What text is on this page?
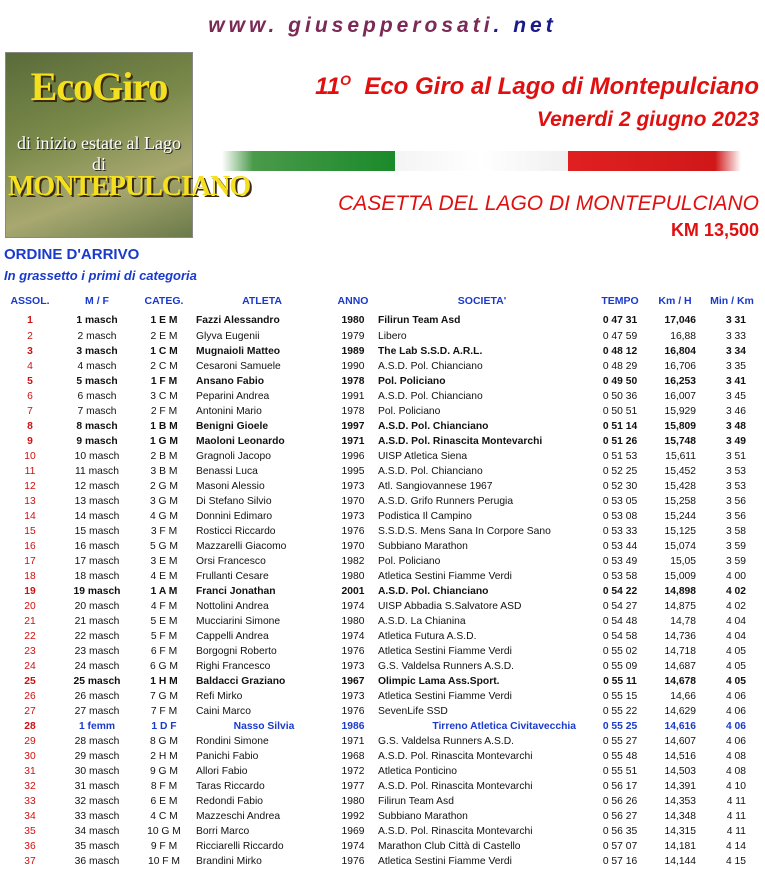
www. giusepperosati. net
EcoGiro
di inizio estate al Lago di
MONTEPULCIANO
$11^O$ Eco Giro al Lago di Montepulciano
Venerdi 2 giugno 2023
CASETTA DEL LAGO DI MONTEPULCIANO
KM 13,500
ORDINE D'ARRIVO
In grassetto i primi di categoria
ASSOL.	M / F	CATEG.	ATLETA	ANNO	SOCIETA'	TEMPO	Km / H	Min / Km
1	1 masch	1 E M	Fazzi Alessandro	1980	Filirun Team Asd	0 47 31	17,046	3 31
2	2 masch	2 E M	Glyva Eugenii	1979	Libero	0 47 59	16,88	3 33
3	3 masch	1 C M	Mugnaioli Matteo	1989	The Lab S.S.D. A.R.L.	0 48 12	16,804	3 34
4	4 masch	2 C M	Cesaroni Samuele	1990	A.S.D. Pol. Chianciano	0 48 29	16,706	3 35
5	5 masch	1 F M	Ansano Fabio	1978	Pol. Policiano	0 49 50	16,253	3 41
6	6 masch	3 C M	Peparini Andrea	1991	A.S.D. Pol. Chianciano	0 50 36	16,007	3 45
7	7 masch	2 F M	Antonini Mario	1978	Pol. Policiano	0 50 51	15,929	3 46
8	8 masch	1 B M	Benigni Gioele	1997	A.S.D. Pol. Chianciano	0 51 14	15,809	3 48
9	9 masch	1 G M	Maoloni Leonardo	1971	A.S.D. Pol. Rinascita Montevarchi	0 51 26	15,748	3 49
10	10 masch	2 B M	Gragnoli Jacopo	1996	UISP Atletica Siena	0 51 53	15,611	3 51
11	11 masch	3 B M	Benassi Luca	1995	A.S.D. Pol. Chianciano	0 52 25	15,452	3 53
12	12 masch	2 G M	Masoni Alessio	1973	Atl. Sangiovannese 1967	0 52 30	15,428	3 53
13	13 masch	3 G M	Di Stefano Silvio	1970	A.S.D. Grifo Runners Perugia	0 53 05	15,258	3 56
14	14 masch	4 G M	Donnini Edimaro	1973	Podistica Il Campino	0 53 08	15,244	3 56
15	15 masch	3 F M	Rosticci Riccardo	1976	S.S.D.S. Mens Sana In Corpore Sano	0 53 33	15,125	3 58
16	16 masch	5 G M	Mazzarelli Giacomo	1970	Subbiano Marathon	0 53 44	15,074	3 59
17	17 masch	3 E M	Orsi Francesco	1982	Pol. Policiano	0 53 49	15,05	3 59
18	18 masch	4 E M	Frullanti Cesare	1980	Atletica Sestini Fiamme Verdi	0 53 58	15,009	4 00
19	19 masch	1 A M	Franci Jonathan	2001	A.S.D. Pol. Chianciano	0 54 22	14,898	4 02
20	20 masch	4 F M	Nottolini Andrea	1974	UISP Abbadia S.Salvatore ASD	0 54 27	14,875	4 02
21	21 masch	5 E M	Mucciarini Simone	1980	A.S.D. La Chianina	0 54 48	14,78	4 04
22	22 masch	5 F M	Cappelli Andrea	1974	Atletica Futura A.S.D.	0 54 58	14,736	4 04
23	23 masch	6 F M	Borgogni Roberto	1976	Atletica Sestini Fiamme Verdi	0 55 02	14,718	4 05
24	24 masch	6 G M	Righi Francesco	1973	G.S. Valdelsa Runners A.S.D.	0 55 09	14,687	4 05
25	25 masch	1 H M	Baldacci Graziano	1967	Olimpic Lama Ass.Sport.	0 55 11	14,678	4 05
26	26 masch	7 G M	Refi Mirko	1973	Atletica Sestini Fiamme Verdi	0 55 15	14,66	4 06
27	27 masch	7 F M	Caini Marco	1976	SevenLife SSD	0 55 22	14,629	4 06
28	1 femm	1 D F	Nasso Silvia	1986	Tirreno Atletica Civitavecchia	0 55 25	14,616	4 06
29	28 masch	8 G M	Rondini Simone	1971	G.S. Valdelsa Runners A.S.D.	0 55 27	14,607	4 06
30	29 masch	2 H M	Panichi Fabio	1968	A.S.D. Pol. Rinascita Montevarchi	0 55 48	14,516	4 08
31	30 masch	9 G M	Allori Fabio	1972	Atletica Ponticino	0 55 51	14,503	4 08
32	31 masch	8 F M	Taras Riccardo	1977	A.S.D. Pol. Rinascita Montevarchi	0 56 17	14,391	4 10
33	32 masch	6 E M	Redondi Fabio	1980	Filirun Team Asd	0 56 26	14,353	4 11
34	33 masch	4 C M	Mazzeschi Andrea	1992	Subbiano Marathon	0 56 27	14,348	4 11
35	34 masch	10 G M	Borri Marco	1969	A.S.D. Pol. Rinascita Montevarchi	0 56 35	14,315	4 11
36	35 masch	9 F M	Ricciarelli Riccardo	1974	Marathon Club Città di Castello	0 57 07	14,181	4 14
37	36 masch	10 F M	Brandini Mirko	1976	Atletica Sestini Fiamme Verdi	0 57 16	14,144	4 15
